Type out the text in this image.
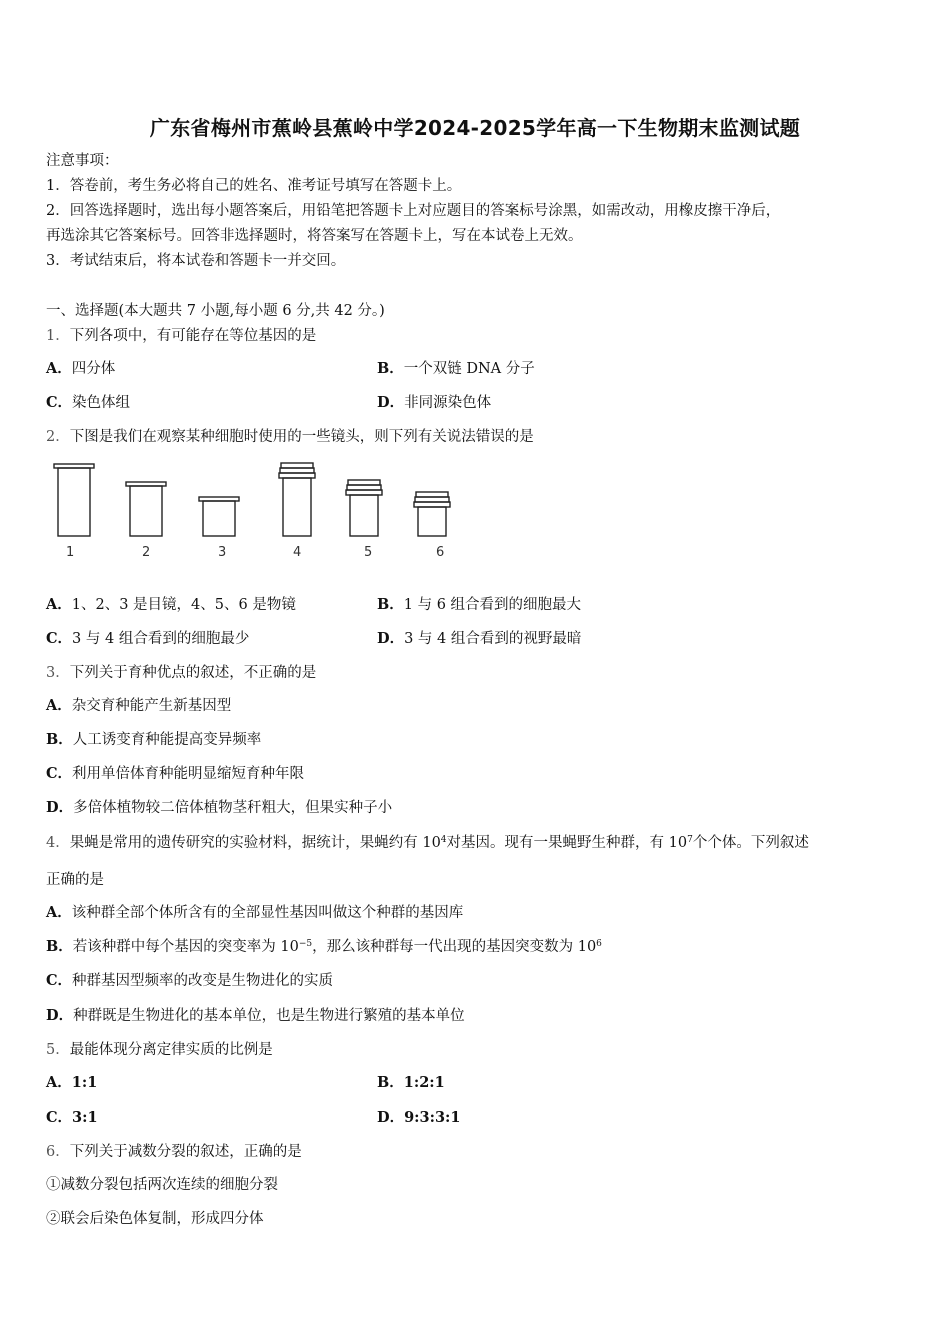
广东省梅州市蕉岭县蕉岭中学2024-2025学年高一下生物期末监测试题
注意事项：
1．答卷前，考生务必将自己的姓名、准考证号填写在答题卡上。
2．回答选择题时，选出每小题答案后，用铅笔把答题卡上对应题目的答案标号涂黑，如需改动，用橡皮擦干净后，
再选涂其它答案标号。回答非选择题时，将答案写在答题卡上，写在本试卷上无效。
3．考试结束后，将本试卷和答题卡一并交回。
一、选择题(本大题共 7 小题,每小题 6 分,共 42 分。)
1．下列各项中，有可能存在等位基因的是
A．四分体	B．一个双链 DNA 分子
C．染色体组	D．非同源染色体
2．下图是我们在观察某种细胞时使用的一些镜头，则下列有关说法错误的是
1	2	3	4	5	6
A．1、2、3 是目镜，4、5、6 是物镜	B．1 与 6 组合看到的细胞最大
C．3 与 4 组合看到的细胞最少	D．3 与 4 组合看到的视野最暗
3．下列关于育种优点的叙述，不正确的是
A．杂交育种能产生新基因型
B．人工诱变育种能提高变异频率
C．利用单倍体育种能明显缩短育种年限
D．多倍体植物较二倍体植物茎秆粗大，但果实种子小
4．果蝇是常用的遗传研究的实验材料，据统计，果蝇约有 $10^4$对基因。现有一果蝇野生种群，有 $10^7$个个体。下列叙述
正确的是
A．该种群全部个体所含有的全部显性基因叫做这个种群的基因库
B．若该种群中每个基因的突变率为 $10^{-5}$，那么该种群每一代出现的基因突变数为 $10^6$
C．种群基因型频率的改变是生物进化的实质
D．种群既是生物进化的基本单位，也是生物进行繁殖的基本单位
5．最能体现分离定律实质的比例是
A．1:1	B．1:2:1
C．3:1	D．9:3:3:1
6．下列关于减数分裂的叙述，正确的是
①减数分裂包括两次连续的细胞分裂
②联会后染色体复制，形成四分体
